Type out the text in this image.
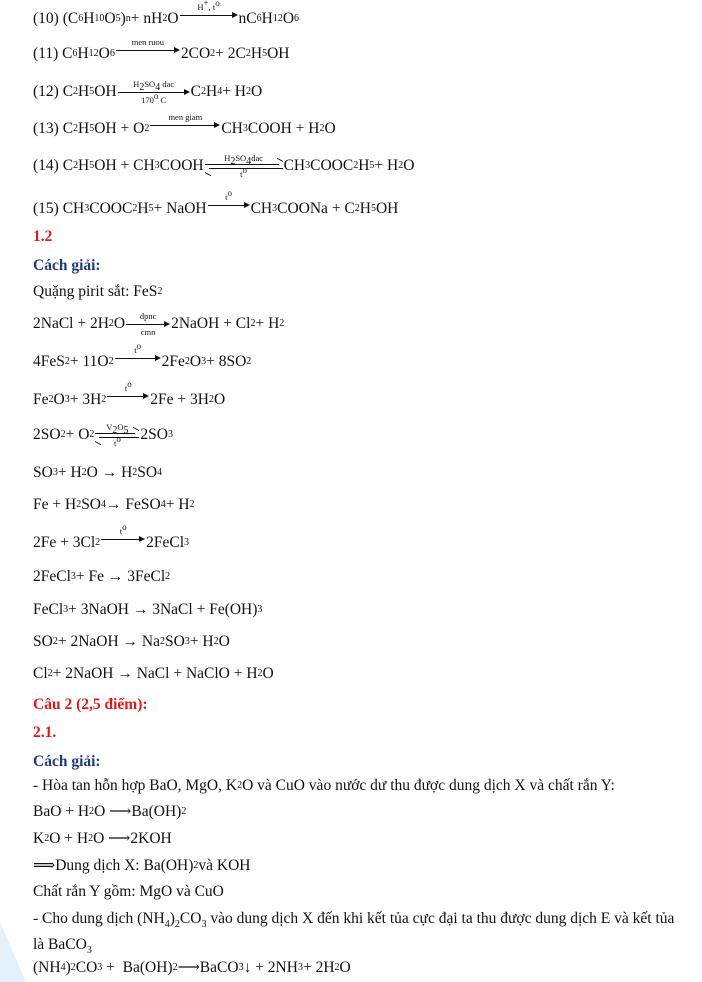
(10) (C 6 H 10 O 5 ) n + nH 2 O
H+, $t^o$

nC 6 H 12 O 6
(11) C 6 H 12 O 6
men ruou

2CO 2 + 2C 2 H 5 OH
(12) C 2 H 5 OH $H_2SO_4$ dac
170$^o$ C C 2 H 4 + H 2 O
(13) C 2 H 5 OH + O 2
men giam

CH 3 COOH + H 2 O
(14) C 2 H 5 OH + CH 3 COOH $H_2SO_4dac$
$t^o$ CH 3 COOC 2 H 5 + H 2 O
(15) CH 3 COOC 2 H 5 + NaOH
$t^o$

CH 3 COONa + C 2 H 5 OH
1.2
Cách giải:
Quặng pirit sắt: FeS 2
2NaCl + 2H 2 O dpnc
cmn 2NaOH + Cl 2 + H 2
4FeS 2 + 11O 2
$t^o$

2Fe 2 O 3 + 8SO 2
Fe 2 O 3 + 3H 2
$t^o$

2Fe + 3H 2 O
2SO 2 + O 2
$V_2O_5$
$t^o$ 2SO 3
SO 3 + H 2 O → H 2 SO 4
Fe + H 2 SO 4 → FeSO 4 + H 2
2Fe + 3Cl 2
$t^o$

2FeCl 3
2FeCl 3 + Fe → 3FeCl 2
FeCl 3 + 3NaOH → 3NaCl + Fe(OH) 3
SO 2 + 2NaOH → Na 2 SO 3 + H 2 O
Cl 2 + 2NaOH → NaCl + NaClO + H 2 O
Câu 2 (2,5 điểm):
2.1.
Cách giải:
- Hòa tan hỗn hợp BaO, MgO, K 2 O và CuO vào nước dư thu được dung dịch X và chất rắn Y:
BaO + H 2 O ⟶Ba(OH) 2
K 2 O + H 2 O ⟶2KOH
⟹Dung dịch X: Ba(OH) 2 và KOH
Chất rắn Y gồm: MgO và CuO
- Cho dung dịch $(NH_4)_2CO_3$ vào dung dịch X đến khi kết tủa cực đại ta thu được dung dịch E và kết tủa là BaCO$_3$
(NH 4 ) 2 CO 3 +  Ba(OH) 2 ⟶BaCO 3 ↓ + 2NH 3 + 2H 2 O
